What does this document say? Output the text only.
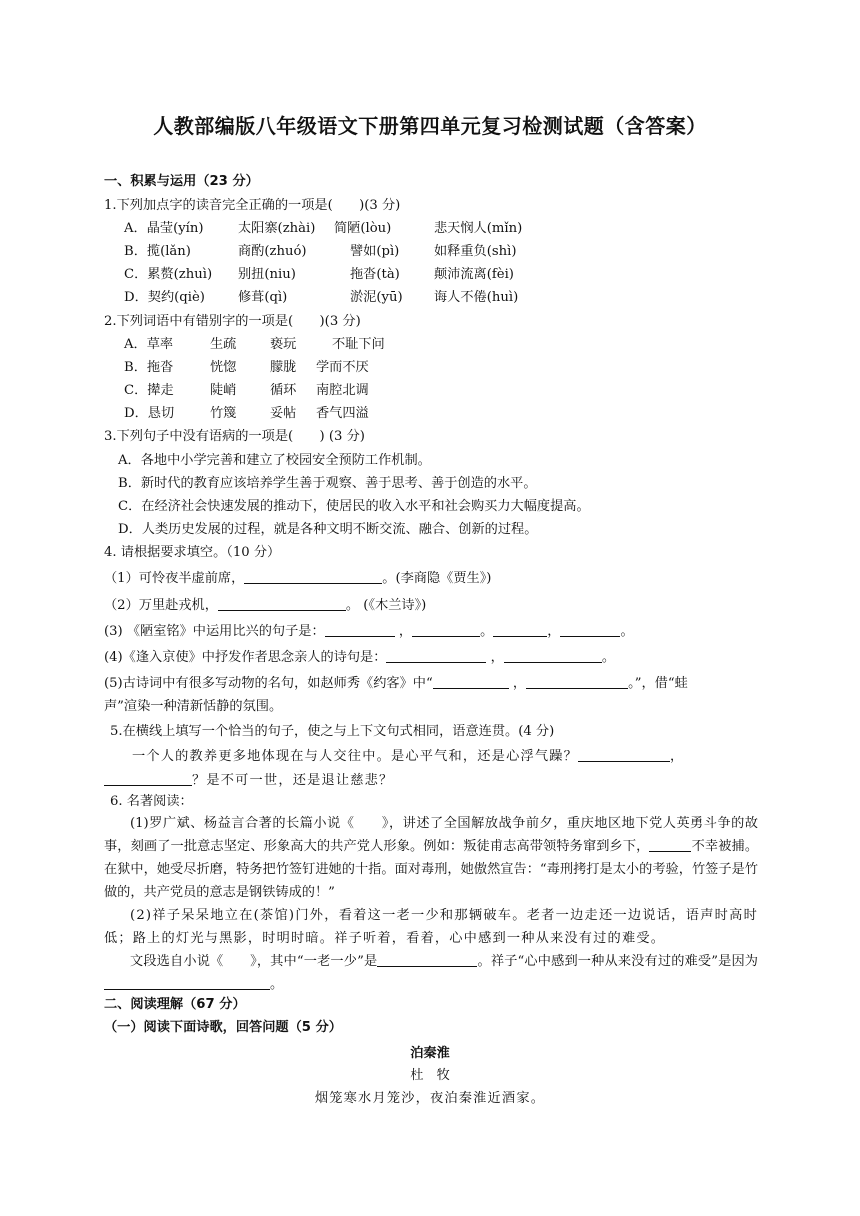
人教部编版八年级语文下册第四单元复习检测试题（含答案）
一、积累与运用（23 分）
1.下列加点字的读音完全正确的一项是(　　)(3 分)
A．晶莹(yín)	太阳寨(zhài) 简陋(lòu)	悲天悯人(mǐn)
B．揽(lǎn)	商酌(zhuó)	譬如(pì)	如释重负(shì)
C．累赘(zhuì) 别扭(niu)	拖沓(tà)	颠沛流离(fèi)
D．契约(qiè)	修葺(qì)	淤泥(yū) 诲人不倦(huì)
2.下列词语中有错别字的一项是(　　)(3 分)
A．草率	生疏	亵玩	不耻下问
B．拖沓	恍惚	朦胧 学而不厌
C．撵走	陡峭	循环 南腔北调
D．恳切	竹篾	妥帖 香气四溢
3.下列句子中没有语病的一项是(　　) (3 分)
A．各地中小学完善和建立了校园安全预防工作机制。
B．新时代的教育应该培养学生善于观察、善于思考、善于创造的水平。
C．在经济社会快速发展的推动下，使居民的收入水平和社会购买力大幅度提高。
D．人类历史发展的过程，就是各种文明不断交流、融合、创新的过程。
4. 请根据要求填空。（10 分）
（1）可怜夜半虚前席，	。(李商隐《贾生》)
（2）万里赴戎机，	。 (《木兰诗》)
(3) 《陋室铭》中运用比兴的句子是：	，	。	，	。
(4)《逢入京使》中抒发作者思念亲人的诗句是：	，	。
(5)古诗词中有很多写动物的名句，如赵师秀《约客》中“	，	。”，借“蛙
声”渲染一种清新恬静的氛围。
5.在横线上填写一个恰当的句子，使之与上下文句式相同，语意连贯。(4 分)
一个人的教养更多地体现在与人交往中。是心平气和，还是心浮气躁？	，
？是不可一世，还是退让慈悲？
6. 名著阅读：
(1)罗广斌、杨益言合著的长篇小说《　　》，讲述了全国解放战争前夕，重庆地区地下党人英勇斗争的故事，刻画了一批意志坚定、形象高大的共产党人形象。例如：叛徒甫志高带领特务窜到乡下，	不幸被捕。在狱中，她受尽折磨，特务把竹签钉进她的十指。面对毒刑，她傲然宣告：“毒刑拷打是太小的考验，竹签子是竹做的，共产党员的意志是钢铁铸成的！”
(2)祥子呆呆地立在(茶馆)门外，看着这一老一少和那辆破车。老者一边走还一边说话，语声时高时低；路上的灯光与黑影，时明时暗。祥子听着，看着，心中感到一种从来没有过的难受。
文段选自小说《　　》，其中“一老一少”是	。祥子“心中感到一种从来没有过的难受”是因为。
二、阅读理解（67 分）
（一）阅读下面诗歌，回答问题（5 分）
泊秦淮
杜　牧
烟笼寒水月笼沙，夜泊秦淮近酒家。
